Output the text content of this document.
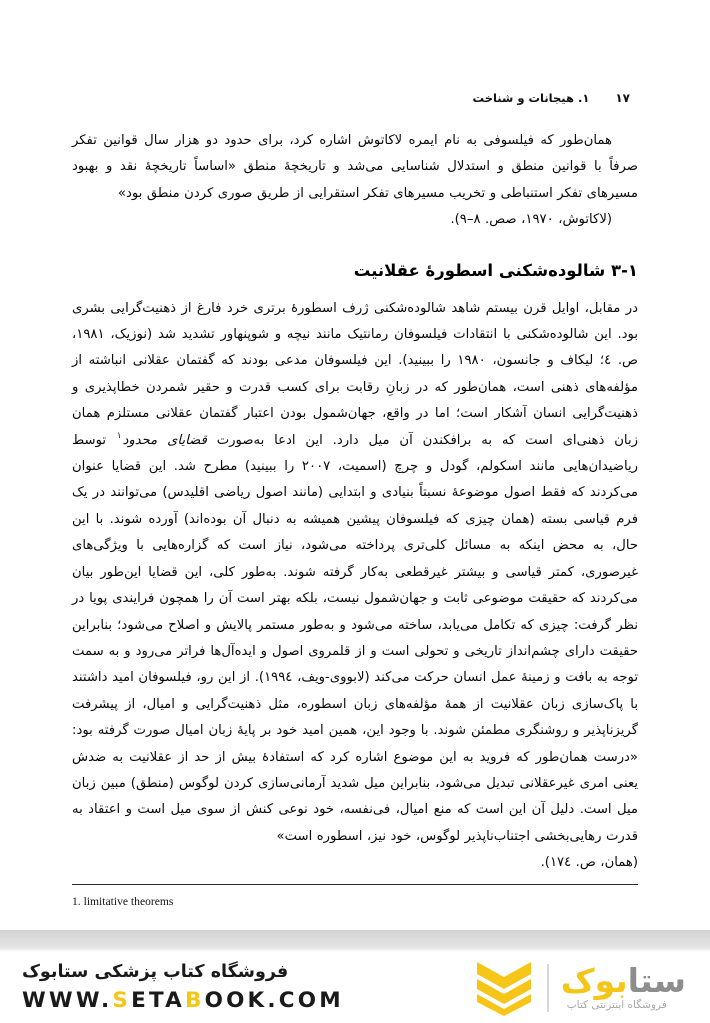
۱۷
۱. هیجانات و شناخت

همان‌طور که فیلسوفی به نام ایمره لاکاتوش اشاره کرد، برای حدود دو هزار سال قوانین تفکر صرفاً با قوانین منطق و استدلال شناسایی می‌شد و تاریخچهٔ منطق «اساساً تاریخچهٔ نقد و بهبود مسیرهای تفکر استنباطی و تخریب مسیرهای تفکر استقرایی از طریق صوری کردن منطق بود»
(لاکاتوش، ۱۹۷۰، صص. ۸–۹).

۳-۱ شالوده‌شکنی اسطورهٔ عقلانیت

در مقابل، اوایل قرن بیستم شاهد شالوده‌شکنی ژرف اسطورهٔ برتری خرد فارغ از ذهنیت‌گرایی بشری بود. این شالوده‌شکنی با انتقادات فیلسوفان رمانتیک مانند نیچه و شوپنهاور تشدید شد (نوزیک، ۱۹۸۱، ص. ٤؛ لیکاف و جانسون، ۱۹۸۰ را ببینید). این فیلسوفان مدعی بودند که گفتمان عقلانی انباشته از مؤلفه‌های ذهنی است، همان‌طور که در زبانِ رقابت برای کسب قدرت و حقیر شمردن خطاپذیری و ذهنیت‌گرایی انسان آشکار است؛ اما در واقع، جهان‌شمول بودن اعتبار گفتمان عقلانی مستلزم همان زبان ذهنی‌ای است که به برافکندن آن میل دارد. این ادعا به‌صورت قضایای محدود$^۱$ توسط ریاضیدان‌هایی مانند اسکولم، گودل و چرچ (اسمیت، ۲۰۰۷ را ببینید) مطرح شد. این قضایا عنوان می‌کردند که فقط اصول موضوعهٔ نسبتاً بنیادی و ابتدایی (مانند اصول ریاضی اقلیدس) می‌توانند در یک فرم قیاسی بسته (همان چیزی که فیلسوفان پیشین همیشه به دنبال آن بوده‌اند) آورده شوند. با این حال، به محض اینکه به مسائل کلی‌تری پرداخته می‌شود، نیاز است که گزاره‌هایی با ویژگی‌های غیرصوری، کمتر قیاسی و بیشتر غیرقطعی به‌کار گرفته شوند. به‌طور کلی، این قضایا این‌طور بیان می‌کردند که حقیقت موضوعی ثابت و جهان‌شمول نیست، بلکه بهتر است آن را همچون فرایندی پویا در نظر گرفت: چیزی که تکامل می‌یابد، ساخته می‌شود و به‌طور مستمر پالایش و اصلاح می‌شود؛ بنابراین حقیقت دارای چشم‌انداز تاریخی و تحولی است و از قلمروی اصول و ایده‌آل‌ها فراتر می‌رود و به سمت توجه به بافت و زمینهٔ عمل انسان حرکت می‌کند (لابووی-ویف، ۱۹۹٤). از این رو، فیلسوفان امید داشتند با پاک‌سازی زبان عقلانیت از همهٔ مؤلفه‌های زبان اسطوره، مثل ذهنیت‌گرایی و امیال، از پیشرفت گریزناپذیر و روشنگری مطمئن شوند. با وجود این، همین امید خود بر پایهٔ زبان امیال صورت گرفته بود: «درست همان‌طور که فروید به این موضوع اشاره کرد که استفادهٔ بیش از حد از عقلانیت به ضدش یعنی امری غیرعقلانی تبدیل می‌شود، بنابراین میل شدید آرمانی‌سازی کردن لوگوس (منطق) مبین زبان میل است. دلیل آن این است که منع امیال، فی‌نفسه، خود نوعی کنش از سوی میل است و اعتقاد به قدرت رهایی‌بخشی اجتناب‌ناپذیر لوگوس، خود نیز، اسطوره است»
(همان، ص. ۱۷٤).

1. limitative theorems
ستابوک
فروشگاه اینترنتی کتاب
فروشگاه کتاب پزشکی ستابوک
WWW.SETABOOK.COM
